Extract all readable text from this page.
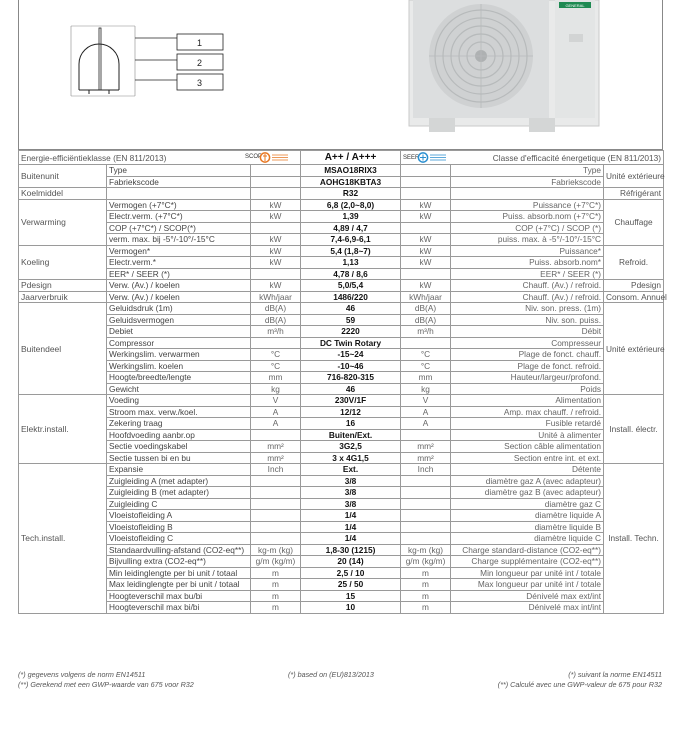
1
2
3
GENERAL
Energie-efficiëntieklasse (EN 811/2013)			SCOP A++ / A+++	SEER Classe d'efficacité énergetique (EN 811/2013)		
Buitenunit	Type		MSAO18RIX3		Type	Unité extérieure
	Fabriekscode		AOHG18KBTA3		Fabriekscode	
Koelmiddel			R32			Réfrigérant
Verwarming	Vermogen (+7°C*)	kW	6,8 (2,0~8,0)	kW	Puissance (+7°C*)	Chauffage
	Electr.verm. (+7°C*)	kW	1,39	kW	Puiss. absorb.nom (+7°C*)	
	COP (+7°C*) / SCOP(*)		4,89 / 4,7		COP (+7°C) / SCOP (*)	
	verm. max. bij -5°/-10°/-15°C	kW	7,4-6,9-6,1	kW	puiss. max. à -5°/-10°/-15°C	
Koeling	Vermogen*	kW	5,4 (1,8~7)	kW	Puissance*	Refroid.
	Electr.verm.*	kW	1,13	kW	Puiss. absorb.nom*	
	EER* / SEER (*)		4,78 / 8,6		EER* / SEER (*)	
Pdesign	Verw. (Av.) / koelen	kW	5,0/5,4	kW	Chauff. (Av.) / refroid.	Pdesign
Jaarverbruik	Verw. (Av.) / koelen	kWh/jaar	1486/220	kWh/jaar	Chauff. (Av.) / refroid.	Consom. Annuel
Buitendeel	Geluidsdruk (1m)	dB(A)	46	dB(A)	Niv. son. press. (1m)	Unité extérieure
	Geluidsvermogen	dB(A)	59	dB(A)	Niv. son. puiss.	
	Debiet	m³/h	2220	m³/h	Débit	
	Compressor		DC Twin Rotary		Compresseur	
	Werkingslim. verwarmen	°C	-15~24	°C	Plage de fonct. chauff.	
	Werkingslim. koelen	°C	-10~46	°C	Plage de fonct. refroid.	
	Hoogte/breedte/lengte	mm	716-820-315	mm	Hauteur/largeur/profond.	
	Gewicht	kg	46	kg	Poids	
Elektr.install.	Voeding	V	230V/1F	V	Alimentation	Install. électr.
	Stroom max. verw./koel.	A	12/12	A	Amp. max chauff. / refroid.	
	Zekering traag	A	16	A	Fusible retardé	
	Hoofdvoeding aanbr.op		Buiten/Ext.		Unité à alimenter	
	Sectie voedingskabel	mm²	3G2,5	mm²	Section câble alimentation	
	Sectie tussen bi en bu	mm²	3 x 4G1,5	mm²	Section entre int. et ext.	
Tech.install.	Expansie	Inch	Ext.	Inch	Détente	Install. Techn.
	Zuigleiding A (met adapter)		3/8		diamètre gaz A (avec adapteur)	
	Zuigleiding B (met adapter)		3/8		diamètre gaz B (avec adapteur)	
	Zuigleiding C		3/8		diamètre gaz C	
	Vloeistofleiding A		1/4		diamètre liquide A	
	Vloeistofleiding B		1/4		diamètre liquide B	
	Vloeistofleiding C		1/4		diamètre liquide C	
	Standaardvulling-afstand (CO2-eq**)	kg-m (kg)	1,8-30 (1215)	kg-m (kg)	Charge standard-distance (CO2-eq**)	
	Bijvulling extra (CO2-eq**)	g/m (kg/m)	20 (14)	g/m (kg/m)	Charge supplémentaire (CO2-eq**)	
	Min leidinglengte per bi unit / totaal	m	2,5 / 10	m	Min longueur par unité int / totale	
	Max leidinglengte per bi unit / totaal	m	25 / 50	m	Max longueur par unité int / totale	
	Hoogteverschil max bu/bi	m	15	m	Dénivelé max ext/int	
	Hoogteverschil max bi/bi	m	10	m	Dénivelé max int/int	
(*) gegevens volgens de norm EN14511
(**) Gerekend met een GWP-waarde van 675 voor R32
(*) based on (EU)813/2013	(*) suivant la norme EN14511
(**) Calculé avec une GWP-valeur de 675 pour R32
